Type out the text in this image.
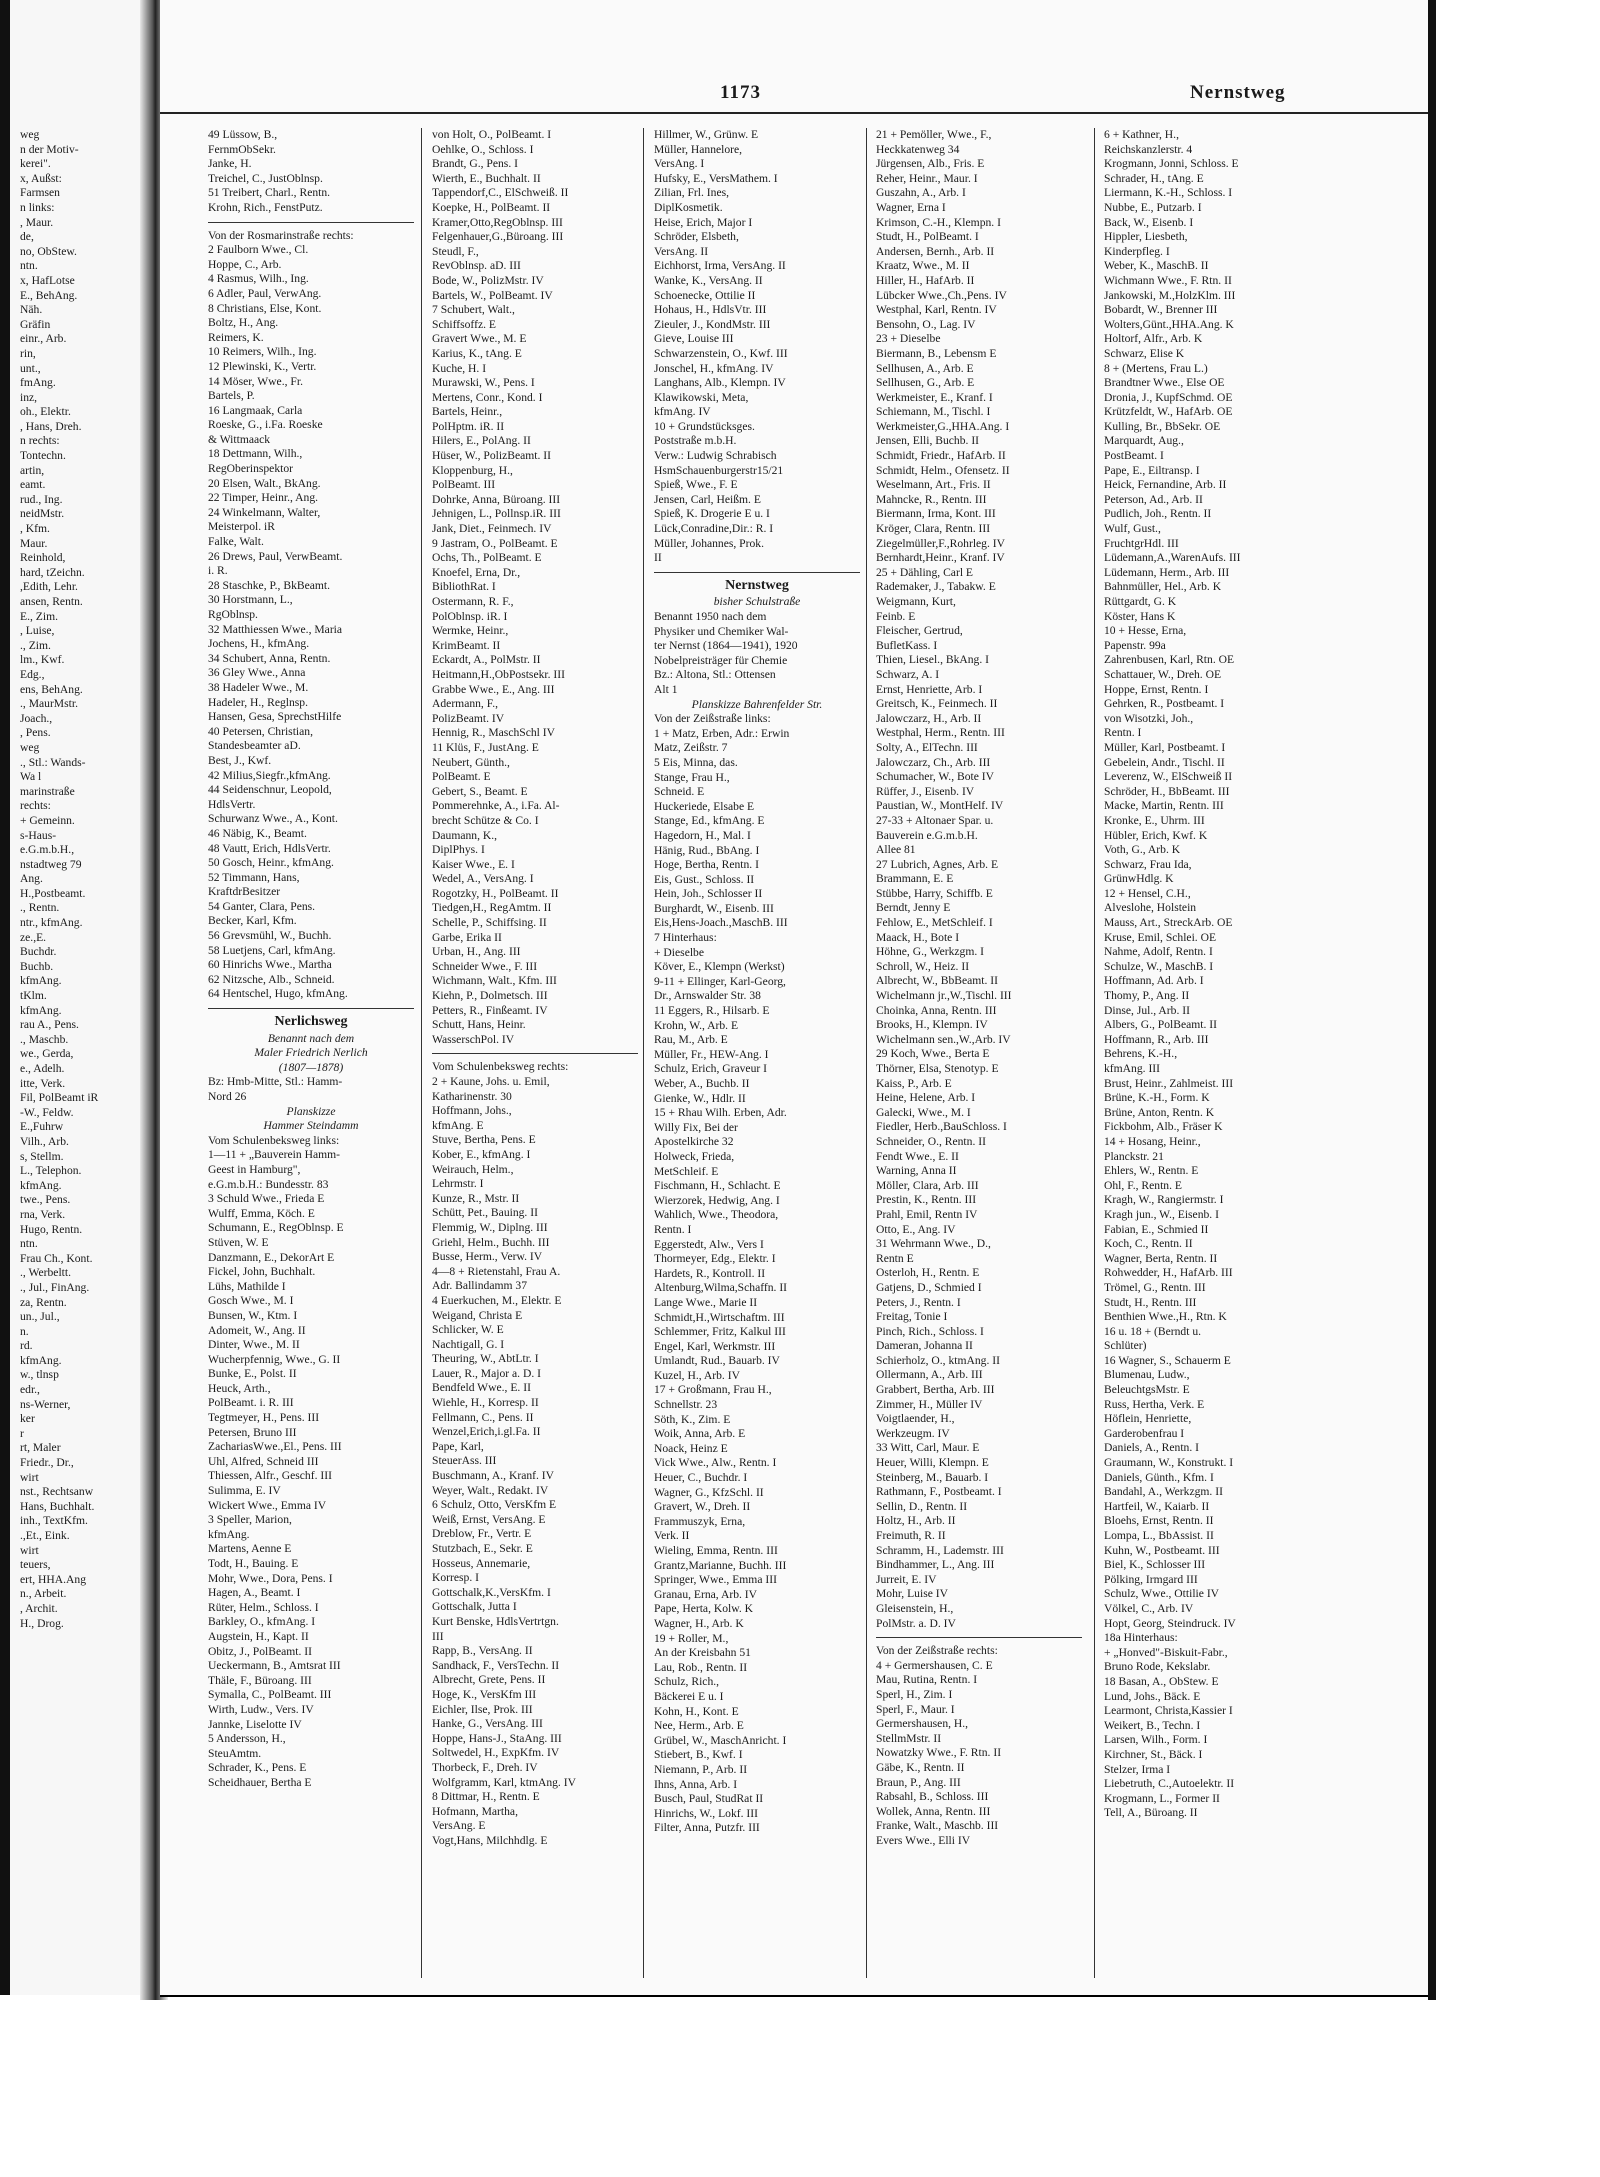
weg
n der Motiv-
kerei".
x, Außst:
Farmsen
n links:
, Maur.
de,
no, ObStew.
ntn.
x, HafLotse
E., BehAng.
Näh.
Gräfin
einr., Arb.
rin,
unt.,
fmAng.
inz,
oh., Elektr.
, Hans, Dreh.
n rechts:
Tontechn.
artin,
eamt.
rud., Ing.
neidMstr.
, Kfm.
Maur.
Reinhold,
hard, tZeichn.
,Edith, Lehr.
ansen, Rentn.
E., Zim.
, Luise,
., Zim.
lm., Kwf.
Edg.,
ens, BehAng.
., MaurMstr.
Joach.,
, Pens.
weg
., Stl.: Wands-
Wa l
marinstraße
rechts:
+ Gemeinn.
s-Haus-
e.G.m.b.H.,
nstadtweg 79
Ang.
H.,Postbeamt.
., Rentn.
ntr., kfmAng.
ze.,E.
Buchdr.
Buchb.
kfmAng.
tKlm.
kfmAng.
rau A., Pens.
., Maschb.
we., Gerda,
e., Adelh.
itte, Verk.
Fil, PolBeamt iR
-W., Feldw.
E.,Fuhrw
Vilh., Arb.
s, Stellm.
L., Telephon.
kfmAng.
twe., Pens.
rna, Verk.
Hugo, Rentn.
ntn.
Frau Ch., Kont.
., Werbeltt.
., Jul., FinAng.
za, Rentn.
un., Jul.,
n.
rd.
kfmAng.
w., tlnsp
edr.,
ns-Werner,
ker
r
rt, Maler
Friedr., Dr.,
wirt
nst., Rechtsanw
Hans, Buchhalt.
inh., TextKfm.
.,Et., Eink.
wirt
teuers,
ert, HHA.Ang
n., Arbeit.
, Archit.
H., Drog.
1173	Nernstweg
49 Lüssow, B.,
FernmObSekr.
Janke, H.
Treichel, C., JustOblnsp.
51 Treibert, Charl., Rentn.
Krohn, Rich., FenstPutz.
Von der Rosmarinstraße rechts:
2 Faulborn Wwe., Cl.
Hoppe, C., Arb.
4 Rasmus, Wilh., Ing.
6 Adler, Paul, VerwAng.
8 Christians, Else, Kont.
Boltz, H., Ang.
Reimers, K.
10 Reimers, Wilh., Ing.
12 Plewinski, K., Vertr.
14 Möser, Wwe., Fr.
Bartels, P.
16 Langmaak, Carla
Roeske, G., i.Fa. Roeske
& Wittmaack
18 Dettmann, Wilh.,
RegOberinspektor
20 Elsen, Walt., BkAng.
22 Timper, Heinr., Ang.
24 Winkelmann, Walter,
Meisterpol. iR
Falke, Walt.
26 Drews, Paul, VerwBeamt.
i. R.
28 Staschke, P., BkBeamt.
30 Horstmann, L.,
RgOblnsp.
32 Matthiessen Wwe., Maria
Jochens, H., kfmAng.
34 Schubert, Anna, Rentn.
36 Gley Wwe., Anna
38 Hadeler Wwe., M.
Hadeler, H., Reglnsp.
Hansen, Gesa, SprechstHilfe
40 Petersen, Christian,
Standesbeamter aD.
Best, J., Kwf.
42 Milius,Siegfr.,kfmAng.
44 Seidenschnur, Leopold,
HdlsVertr.
Schurwanz Wwe., A., Kont.
46 Näbig, K., Beamt.
48 Vautt, Erich, HdlsVertr.
50 Gosch, Heinr., kfmAng.
52 Timmann, Hans,
KraftdrBesitzer
54 Ganter, Clara, Pens.
Becker, Karl, Kfm.
56 Grevsmühl, W., Buchh.
58 Luetjens, Carl, kfmAng.
60 Hinrichs Wwe., Martha
62 Nitzsche, Alb., Schneid.
64 Hentschel, Hugo, kfmAng.
Nerlichsweg
Benannt nach dem
Maler Friedrich Nerlich
(1807—1878)
Bz: Hmb-Mitte, Stl.: Hamm-
Nord 26
Planskizze
Hammer Steindamm
Vom Schulenbeksweg links:
1—11 + „Bauverein Hamm-
Geest in Hamburg",
e.G.m.b.H.: Bundesstr. 83
3 Schuld Wwe., Frieda E
Wulff, Emma, Köch. E
Schumann, E., RegOblnsp. E
Stüven, W. E
Danzmann, E., DekorArt E
Fickel, John, Buchhalt.
Lühs, Mathilde I
Gosch Wwe., M. I
Bunsen, W., Ktm. I
Adomeit, W., Ang. II
Dinter, Wwe., M. II
Wucherpfennig, Wwe., G. II
Bunke, E., Polst. II
Heuck, Arth.,
PolBeamt. i. R. III
Tegtmeyer, H., Pens. III
Petersen, Bruno III
ZachariasWwe.,El., Pens. III
Uhl, Alfred, Schneid III
Thiessen, Alfr., Geschf. III
Sulimma, E. IV
Wickert Wwe., Emma IV
3 Speller, Marion,
kfmAng.
Martens, Aenne E
Todt, H., Bauing. E
Mohr, Wwe., Dora, Pens. I
Hagen, A., Beamt. I
Rüter, Helm., Schloss. I
Barkley, O., kfmAng. I
Augstein, H., Kapt. II
Obitz, J., PolBeamt. II
Ueckermann, B., Amtsrat III
Thäle, F., Büroang. III
Symalla, C., PolBeamt. III
Wirth, Ludw., Vers. IV
Jannke, Liselotte IV
5 Andersson, H.,
SteuAmtm.
Schrader, K., Pens. E
Scheidhauer, Bertha E
von Holt, O., PolBeamt. I
Oehlke, O., Schloss. I
Brandt, G., Pens. I
Wierth, E., Buchhalt. II
Tappendorf,C., ElSchweiß. II
Koepke, H., PolBeamt. II
Kramer,Otto,RegOblnsp. III
Felgenhauer,G.,Büroang. III
Steudl, F.,
RevOblnsp. aD. III
Bode, W., PolizMstr. IV
Bartels, W., PolBeamt. IV
7 Schubert, Walt.,
Schiffsoffz. E
Gravert Wwe., M. E
Karius, K., tAng. E
Kuche, H. I
Murawski, W., Pens. I
Mertens, Conr., Kond. I
Bartels, Heinr.,
PolHptm. iR. II
Hilers, E., PolAng. II
Hüser, W., PolizBeamt. II
Kloppenburg, H.,
PolBeamt. III
Dohrke, Anna, Büroang. III
Jehnigen, L., Pollnsp.iR. III
Jank, Diet., Feinmech. IV
9 Jastram, O., PolBeamt. E
Ochs, Th., PolBeamt. E
Knoefel, Erna, Dr.,
BibliothRat. I
Ostermann, R. F.,
PolOblnsp. iR. I
Wermke, Heinr.,
KrimBeamt. II
Eckardt, A., PolMstr. II
Heitmann,H.,ObPostsekr. III
Grabbe Wwe., E., Ang. III
Adermann, F.,
PolizBeamt. IV
Hennig, R., MaschSchl IV
11 Klüs, F., JustAng. E
Neubert, Günth.,
PolBeamt. E
Gebert, S., Beamt. E
Pommerehnke, A., i.Fa. Al-
brecht Schütze & Co. I
Daumann, K.,
DiplPhys. I
Kaiser Wwe., E. I
Wedel, A., VersAng. I
Rogotzky, H., PolBeamt. II
Tiedgen,H., RegAmtm. II
Schelle, P., Schiffsing. II
Garbe, Erika II
Urban, H., Ang. III
Schneider Wwe., F. III
Wichmann, Walt., Kfm. III
Kiehn, P., Dolmetsch. III
Petters, R., Finßeamt. IV
Schutt, Hans, Heinr.
WasserschPol. IV
Vom Schulenbeksweg rechts:
2 + Kaune, Johs. u. Emil,
Katharinenstr. 30
Hoffmann, Johs.,
kfmAng. E
Stuve, Bertha, Pens. E
Kober, E., kfmAng. I
Weirauch, Helm.,
Lehrmstr. I
Kunze, R., Mstr. II
Schütt, Pet., Bauing. II
Flemmig, W., Diplng. III
Griehl, Helm., Buchh. III
Busse, Herm., Verw. IV
4—8 + Rietenstahl, Frau A.
Adr. Ballindamm 37
4 Euerkuchen, M., Elektr. E
Weigand, Christa E
Schlicker, W. E
Nachtigall, G. I
Theuring, W., AbtLtr. I
Lauer, R., Major a. D. I
Bendfeld Wwe., E. II
Wiehle, H., Korresp. II
Fellmann, C., Pens. II
Wenzel,Erich,i.gl.Fa. II
Pape, Karl,
SteuerAss. III
Buschmann, A., Kranf. IV
Weyer, Walt., Redakt. IV
6 Schulz, Otto, VersKfm E
Weiß, Ernst, VersAng. E
Dreblow, Fr., Vertr. E
Stutzbach, E., Sekr. E
Hosseus, Annemarie,
Korresp. I
Gottschalk,K.,VersKfm. I
Gottschalk, Jutta I
Kurt Benske, HdlsVertrtgn.
III
Rapp, B., VersAng. II
Sandhack, F., VersTechn. II
Albrecht, Grete, Pens. II
Hoge, K., VersKfm III
Eichler, Ilse, Prok. III
Hanke, G., VersAng. III
Hoppe, Hans-J., StaAng. III
Soltwedel, H., ExpKfm. IV
Thorbeck, F., Dreh. IV
Wolfgramm, Karl, ktmAng. IV
8 Dittmar, H., Rentn. E
Hofmann, Martha,
VersAng. E
Vogt,Hans, Milchhdlg. E
Hillmer, W., Grünw. E
Müller, Hannelore,
VersAng. I
Hufsky, E., VersMathem. I
Zilian, Frl. Ines,
DiplKosmetik.
Heise, Erich, Major I
Schröder, Elsbeth,
VersAng. II
Eichhorst, Irma, VersAng. II
Wanke, K., VersAng. II
Schoenecke, Ottilie II
Hohaus, H., HdlsVtr. III
Zieuler, J., KondMstr. III
Gieve, Louise III
Schwarzenstein, O., Kwf. III
Jonschel, H., kfmAng. IV
Langhans, Alb., Klempn. IV
Klawikowski, Meta,
kfmAng. IV
10 + Grundstücksges.
Poststraße m.b.H.
Verw.: Ludwig Schrabisch
HsmSchauenburgerstr15/21
Spieß, Wwe., F. E
Jensen, Carl, Heißm. E
Spieß, K. Drogerie E u. I
Lück,Conradine,Dir.: R. I
Müller, Johannes, Prok.
II
Nernstweg
bisher Schulstraße
Benannt 1950 nach dem
Physiker und Chemiker Wal-
ter Nernst (1864—1941), 1920
Nobelpreisträger für Chemie
Bz.: Altona, Stl.: Ottensen
Alt 1
Planskizze Bahrenfelder Str.
Von der Zeißstraße links:
1 + Matz, Erben, Adr.: Erwin
Matz, Zeißstr. 7
5 Eis, Minna, das.
Stange, Frau H.,
Schneid. E
Huckeriede, Elsabe E
Stange, Ed., kfmAng. E
Hagedorn, H., Mal. I
Hänig, Rud., BbAng. I
Hoge, Bertha, Rentn. I
Eis, Gust., Schloss. II
Hein, Joh., Schlosser II
Burghardt, W., Eisenb. III
Eis,Hens-Joach.,MaschB. III
7 Hinterhaus:
+ Dieselbe
Köver, E., Klempn (Werkst)
9-11 + Ellinger, Karl-Georg,
Dr., Arnswalder Str. 38
11 Eggers, R., Hilsarb. E
Krohn, W., Arb. E
Rau, M., Arb. E
Müller, Fr., HEW-Ang. I
Schulz, Erich, Graveur I
Weber, A., Buchb. II
Gienke, W., Hdlr. II
15 + Rhau Wilh. Erben, Adr.
Willy Fix, Bei der
Apostelkirche 32
Holweck, Frieda,
MetSchleif. E
Fischmann, H., Schlacht. E
Wierzorek, Hedwig, Ang. I
Wahlich, Wwe., Theodora,
Rentn. I
Eggerstedt, Alw., Vers I
Thormeyer, Edg., Elektr. I
Hardets, R., Kontroll. II
Altenburg,Wilma,Schaffn. II
Lange Wwe., Marie II
Schmidt,H.,Wirtschaftm. III
Schlemmer, Fritz, Kalkul III
Engel, Karl, Werkmstr. III
Umlandt, Rud., Bauarb. IV
Kuzel, H., Arb. IV
17 + Großmann, Frau H.,
Schnellstr. 23
Söth, K., Zim. E
Woik, Anna, Arb. E
Noack, Heinz E
Vick Wwe., Alw., Rentn. I
Heuer, C., Buchdr. I
Wagner, G., KfzSchl. II
Gravert, W., Dreh. II
Frammuszyk, Erna,
Verk. II
Wieling, Emma, Rentn. III
Grantz,Marianne, Buchh. III
Springer, Wwe., Emma III
Granau, Erna, Arb. IV
Pape, Herta, Kolw. K
Wagner, H., Arb. K
19 + Roller, M.,
An der Kreisbahn 51
Lau, Rob., Rentn. II
Schulz, Rich.,
Bäckerei E u. I
Kohn, H., Kont. E
Nee, Herm., Arb. E
Grübel, W., MaschAnricht. I
Stiebert, B., Kwf. I
Niemann, P., Arb. II
Ihns, Anna, Arb. I
Busch, Paul, StudRat II
Hinrichs, W., Lokf. III
Filter, Anna, Putzfr. III
21 + Pemöller, Wwe., F.,
Heckkatenweg 34
Jürgensen, Alb., Fris. E
Reher, Heinr., Maur. I
Guszahn, A., Arb. I
Wagner, Erna I
Krimson, C.-H., Klempn. I
Studt, H., PolBeamt. I
Andersen, Bernh., Arb. II
Kraatz, Wwe., M. II
Hiller, H., HafArb. II
Lübcker Wwe.,Ch.,Pens. IV
Westphal, Karl, Rentn. IV
Bensohn, O., Lag. IV
23 + Dieselbe
Biermann, B., Lebensm E
Sellhusen, A., Arb. E
Sellhusen, G., Arb. E
Werkmeister, E., Kranf. I
Schiemann, M., Tischl. I
Werkmeister,G.,HHA.Ang. I
Jensen, Elli, Buchb. II
Schmidt, Friedr., HafArb. II
Schmidt, Helm., Ofensetz. II
Weselmann, Art., Fris. II
Mahncke, R., Rentn. III
Biermann, Irma, Kont. III
Kröger, Clara, Rentn. III
Ziegelmüller,F.,Rohrleg. IV
Bernhardt,Heinr., Kranf. IV
25 + Dähling, Carl E
Rademaker, J., Tabakw. E
Weigmann, Kurt,
Feinb. E
Fleischer, Gertrud,
BufletKass. I
Thien, Liesel., BkAng. I
Schwarz, A. I
Ernst, Henriette, Arb. I
Greitsch, K., Feinmech. II
Jalowczarz, H., Arb. II
Westphal, Herm., Rentn. III
Solty, A., ElTechn. III
Jalowczarz, Ch., Arb. III
Schumacher, W., Bote IV
Rüffer, J., Eisenb. IV
Paustian, W., MontHelf. IV
27-33 + Altonaer Spar. u.
Bauverein e.G.m.b.H.
Allee 81
27 Lubrich, Agnes, Arb. E
Brammann, E. E
Stübbe, Harry, Schiffb. E
Berndt, Jenny E
Fehlow, E., MetSchleif. I
Maack, H., Bote I
Höhne, G., Werkzgm. I
Schroll, W., Heiz. II
Albrecht, W., BbBeamt. II
Wichelmann jr.,W.,Tischl. III
Choinka, Anna, Rentn. III
Brooks, H., Klempn. IV
Wichelmann sen.,W.,Arb. IV
29 Koch, Wwe., Berta E
Thörner, Elsa, Stenotyp. E
Kaiss, P., Arb. E
Heine, Helene, Arb. I
Galecki, Wwe., M. I
Fiedler, Herb.,BauSchloss. I
Schneider, O., Rentn. II
Fendt Wwe., E. II
Warning, Anna II
Möller, Clara, Arb. III
Prestin, K., Rentn. III
Prahl, Emil, Rentn IV
Otto, E., Ang. IV
31 Wehrmann Wwe., D.,
Rentn E
Osterloh, H., Rentn. E
Gatjens, D., Schmied I
Peters, J., Rentn. I
Freitag, Tonie I
Pinch, Rich., Schloss. I
Dameran, Johanna II
Schierholz, O., ktmAng. II
Ollermann, A., Arb. III
Grabbert, Bertha, Arb. III
Zimmer, H., Müller IV
Voigtlaender, H.,
Werkzeugm. IV
33 Witt, Carl, Maur. E
Heuer, Willi, Klempn. E
Steinberg, M., Bauarb. I
Rathmann, F., Postbeamt. I
Sellin, D., Rentn. II
Holtz, H., Arb. II
Freimuth, R. II
Schramm, H., Lademstr. III
Bindhammer, L., Ang. III
Jurreit, E. IV
Mohr, Luise IV
Gleisenstein, H.,
PolMstr. a. D. IV
Von der Zeißstraße rechts:
4 + Germershausen, C. E
Mau, Rutina, Rentn. I
Sperl, H., Zim. I
Sperl, F., Maur. I
Germershausen, H.,
StellmMstr. II
Nowatzky Wwe., F. Rtn. II
Gäbe, K., Rentn. II
Braun, P., Ang. III
Rabsahl, B., Schloss. III
Wollek, Anna, Rentn. III
Franke, Walt., Maschb. III
Evers Wwe., Elli IV
6 + Kathner, H.,
Reichskanzlerstr. 4
Krogmann, Jonni, Schloss. E
Schrader, H., tAng. E
Liermann, K.-H., Schloss. I
Nubbe, E., Putzarb. I
Back, W., Eisenb. I
Hippler, Liesbeth,
Kinderpfleg. I
Weber, K., MaschB. II
Wichmann Wwe., F. Rtn. II
Jankowski, M.,HolzKlm. III
Bobardt, W., Brenner III
Wolters,Günt.,HHA.Ang. K
Holtorf, Alfr., Arb. K
Schwarz, Elise K
8 + (Mertens, Frau L.)
Brandtner Wwe., Else OE
Dronia, J., KupfSchmd. OE
Krützfeldt, W., HafArb. OE
Kulling, Br., BbSekr. OE
Marquardt, Aug.,
PostBeamt. I
Pape, E., Eiltransp. I
Heick, Fernandine, Arb. II
Peterson, Ad., Arb. II
Pudlich, Joh., Rentn. II
Wulf, Gust.,
FruchtgrHdl. III
Lüdemann,A.,WarenAufs. III
Lüdemann, Herm., Arb. III
Bahnmüller, Hel., Arb. K
Rüttgardt, G. K
Köster, Hans K
10 + Hesse, Erna,
Papenstr. 99a
Zahrenbusen, Karl, Rtn. OE
Schattauer, W., Dreh. OE
Hoppe, Ernst, Rentn. I
Gehrken, R., Postbeamt. I
von Wisotzki, Joh.,
Rentn. I
Müller, Karl, Postbeamt. I
Gebelein, Andr., Tischl. II
Leverenz, W., ElSchweiß II
Schröder, H., BbBeamt. III
Macke, Martin, Rentn. III
Kronke, E., Uhrm. III
Hübler, Erich, Kwf. K
Voth, G., Arb. K
Schwarz, Frau Ida,
GrünwHdlg. K
12 + Hensel, C.H.,
Alveslohe, Holstein
Mauss, Art., StreckArb. OE
Kruse, Emil, Schlei. OE
Nahme, Adolf, Rentn. I
Schulze, W., MaschB. I
Hoffmann, Ad. Arb. I
Thomy, P., Ang. II
Dinse, Jul., Arb. II
Albers, G., PolBeamt. II
Hoffmann, R., Arb. III
Behrens, K.-H.,
kfmAng. III
Brust, Heinr., Zahlmeist. III
Brüne, K.-H., Form. K
Brüne, Anton, Rentn. K
Fickbohm, Alb., Fräser K
14 + Hosang, Heinr.,
Planckstr. 21
Ehlers, W., Rentn. E
Ohl, F., Rentn. E
Kragh, W., Rangiermstr. I
Kragh jun., W., Eisenb. I
Fabian, E., Schmied II
Koch, C., Rentn. II
Wagner, Berta, Rentn. II
Rohwedder, H., HafArb. III
Trömel, G., Rentn. III
Studt, H., Rentn. III
Benthien Wwe.,H., Rtn. K
16 u. 18 + (Berndt u.
Schlüter)
16 Wagner, S., Schauerm E
Blumenau, Ludw.,
BeleuchtgsMstr. E
Russ, Hertha, Verk. E
Höflein, Henriette,
Garderobenfrau I
Daniels, A., Rentn. I
Graumann, W., Konstrukt. I
Daniels, Günth., Kfm. I
Bandahl, A., Werkzgm. II
Hartfeil, W., Kaiarb. II
Bloehs, Ernst, Rentn. II
Lompa, L., BbAssist. II
Kuhn, W., Postbeamt. III
Biel, K., Schlosser III
Pölking, Irmgard III
Schulz, Wwe., Ottilie IV
Völkel, C., Arb. IV
Hopt, Georg, Steindruck. IV
18a Hinterhaus:
+ „Honved"-Biskuit-Fabr.,
Bruno Rode, Kekslabr.
18 Basan, A., ObStew. E
Lund, Johs., Bäck. E
Learmont, Christa,Kassier I
Weikert, B., Techn. I
Larsen, Wilh., Form. I
Kirchner, St., Bäck. I
Stelzer, Irma I
Liebetruth, C.,Autoelektr. II
Krogmann, L., Former II
Tell, A., Büroang. II
